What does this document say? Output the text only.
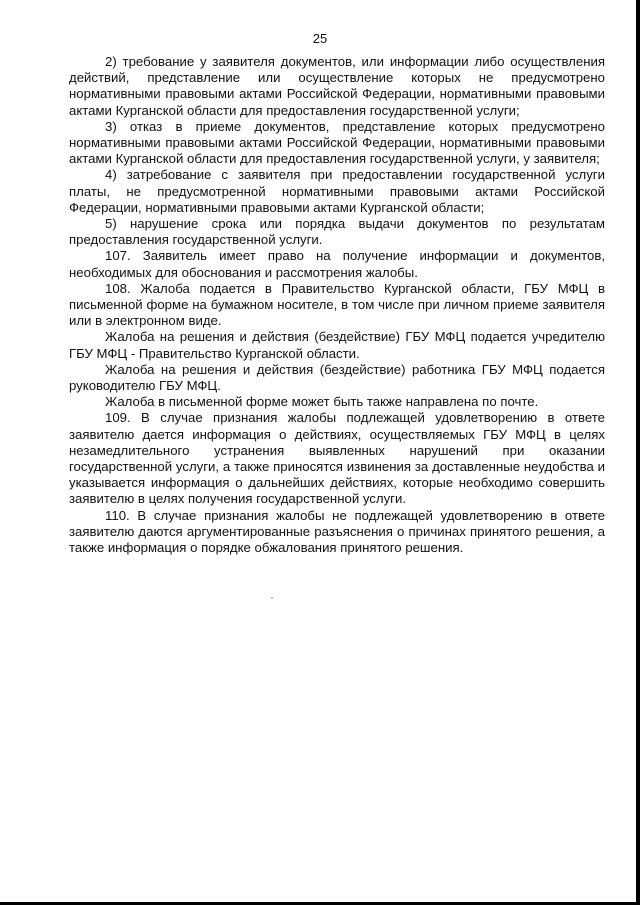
25

2) требование у заявителя документов, или информации либо осуществления действий, представление или осуществление которых не предусмотрено нормативными правовыми актами Российской Федерации, нормативными правовыми актами Курганской области для предоставления государственной услуги;

3) отказ в приеме документов, представление которых предусмотрено нормативными правовыми актами Российской Федерации, нормативными правовыми актами Курганской области для предоставления государственной услуги, у заявителя;

4) затребование с заявителя при предоставлении государственной услуги платы, не предусмотренной нормативными правовыми актами Российской Федерации, нормативными правовыми актами Курганской области;

5) нарушение срока или порядка выдачи документов по результатам предоставления государственной услуги.

107. Заявитель имеет право на получение информации и документов, необходимых для обоснования и рассмотрения жалобы.

108. Жалоба подается в Правительство Курганской области, ГБУ МФЦ в письменной форме на бумажном носителе, в том числе при личном приеме заявителя или в электронном виде.

Жалоба на решения и действия (бездействие) ГБУ МФЦ подается учредителю ГБУ МФЦ - Правительство Курганской области.

Жалоба на решения и действия (бездействие) работника ГБУ МФЦ подается руководителю ГБУ МФЦ.

Жалоба в письменной форме может быть также направлена по почте.

109. В случае признания жалобы подлежащей удовлетворению в ответе заявителю дается информация о действиях, осуществляемых ГБУ МФЦ в целях незамедлительного устранения выявленных нарушений при оказании государственной услуги, а также приносятся извинения за доставленные неудобства и указывается информация о дальнейших действиях, которые необходимо совершить заявителю в целях получения государственной услуги.

110. В случае признания жалобы не подлежащей удовлетворению в ответе заявителю даются аргументированные разъяснения о причинах принятого решения, а также информация о порядке обжалования принятого решения.
